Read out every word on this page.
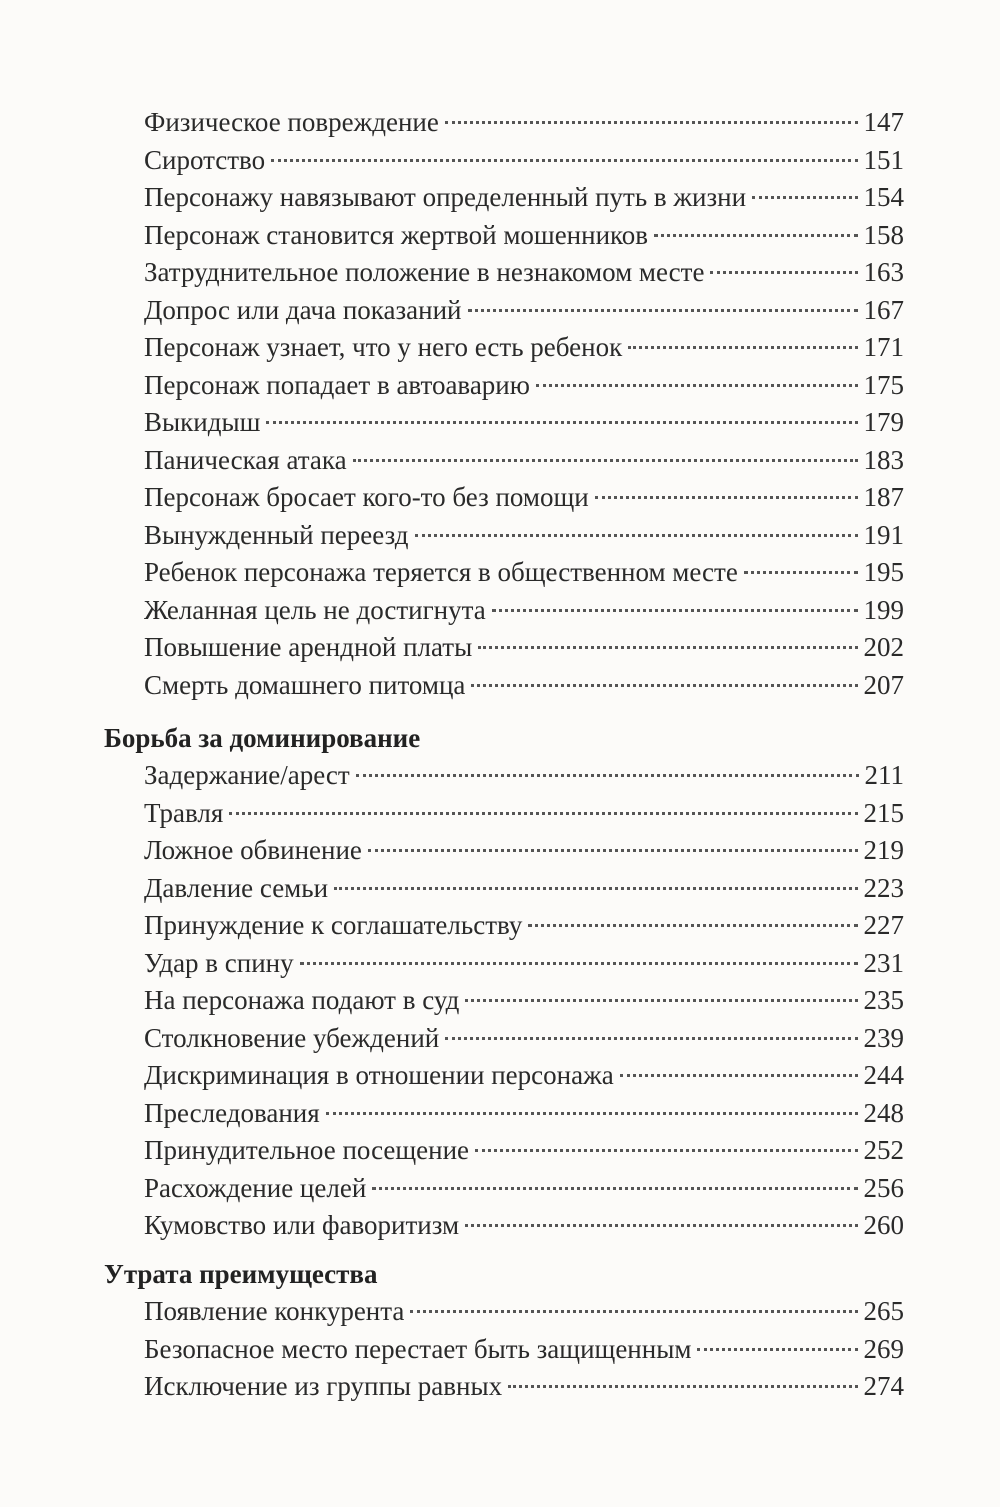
Физическое повреждение	147
Сиротство	151
Персонажу навязывают определенный путь в жизни	154
Персонаж становится жертвой мошенников	158
Затруднительное положение в незнакомом месте	163
Допрос или дача показаний	167
Персонаж узнает, что у него есть ребенок	171
Персонаж попадает в автоаварию	175
Выкидыш	179
Паническая атака	183
Персонаж бросает кого-то без помощи	187
Вынужденный переезд	191
Ребенок персонажа теряется в общественном месте	195
Желанная цель не достигнута	199
Повышение арендной платы	202
Смерть домашнего питомца	207
Борьба за доминирование
Задержание/арест	211
Травля	215
Ложное обвинение	219
Давление семьи	223
Принуждение к соглашательству	227
Удар в спину	231
На персонажа подают в суд	235
Столкновение убеждений	239
Дискриминация в отношении персонажа	244
Преследования	248
Принудительное посещение	252
Расхождение целей	256
Кумовство или фаворитизм	260
Утрата преимущества
Появление конкурента	265
Безопасное место перестает быть защищенным	269
Исключение из группы равных	274
